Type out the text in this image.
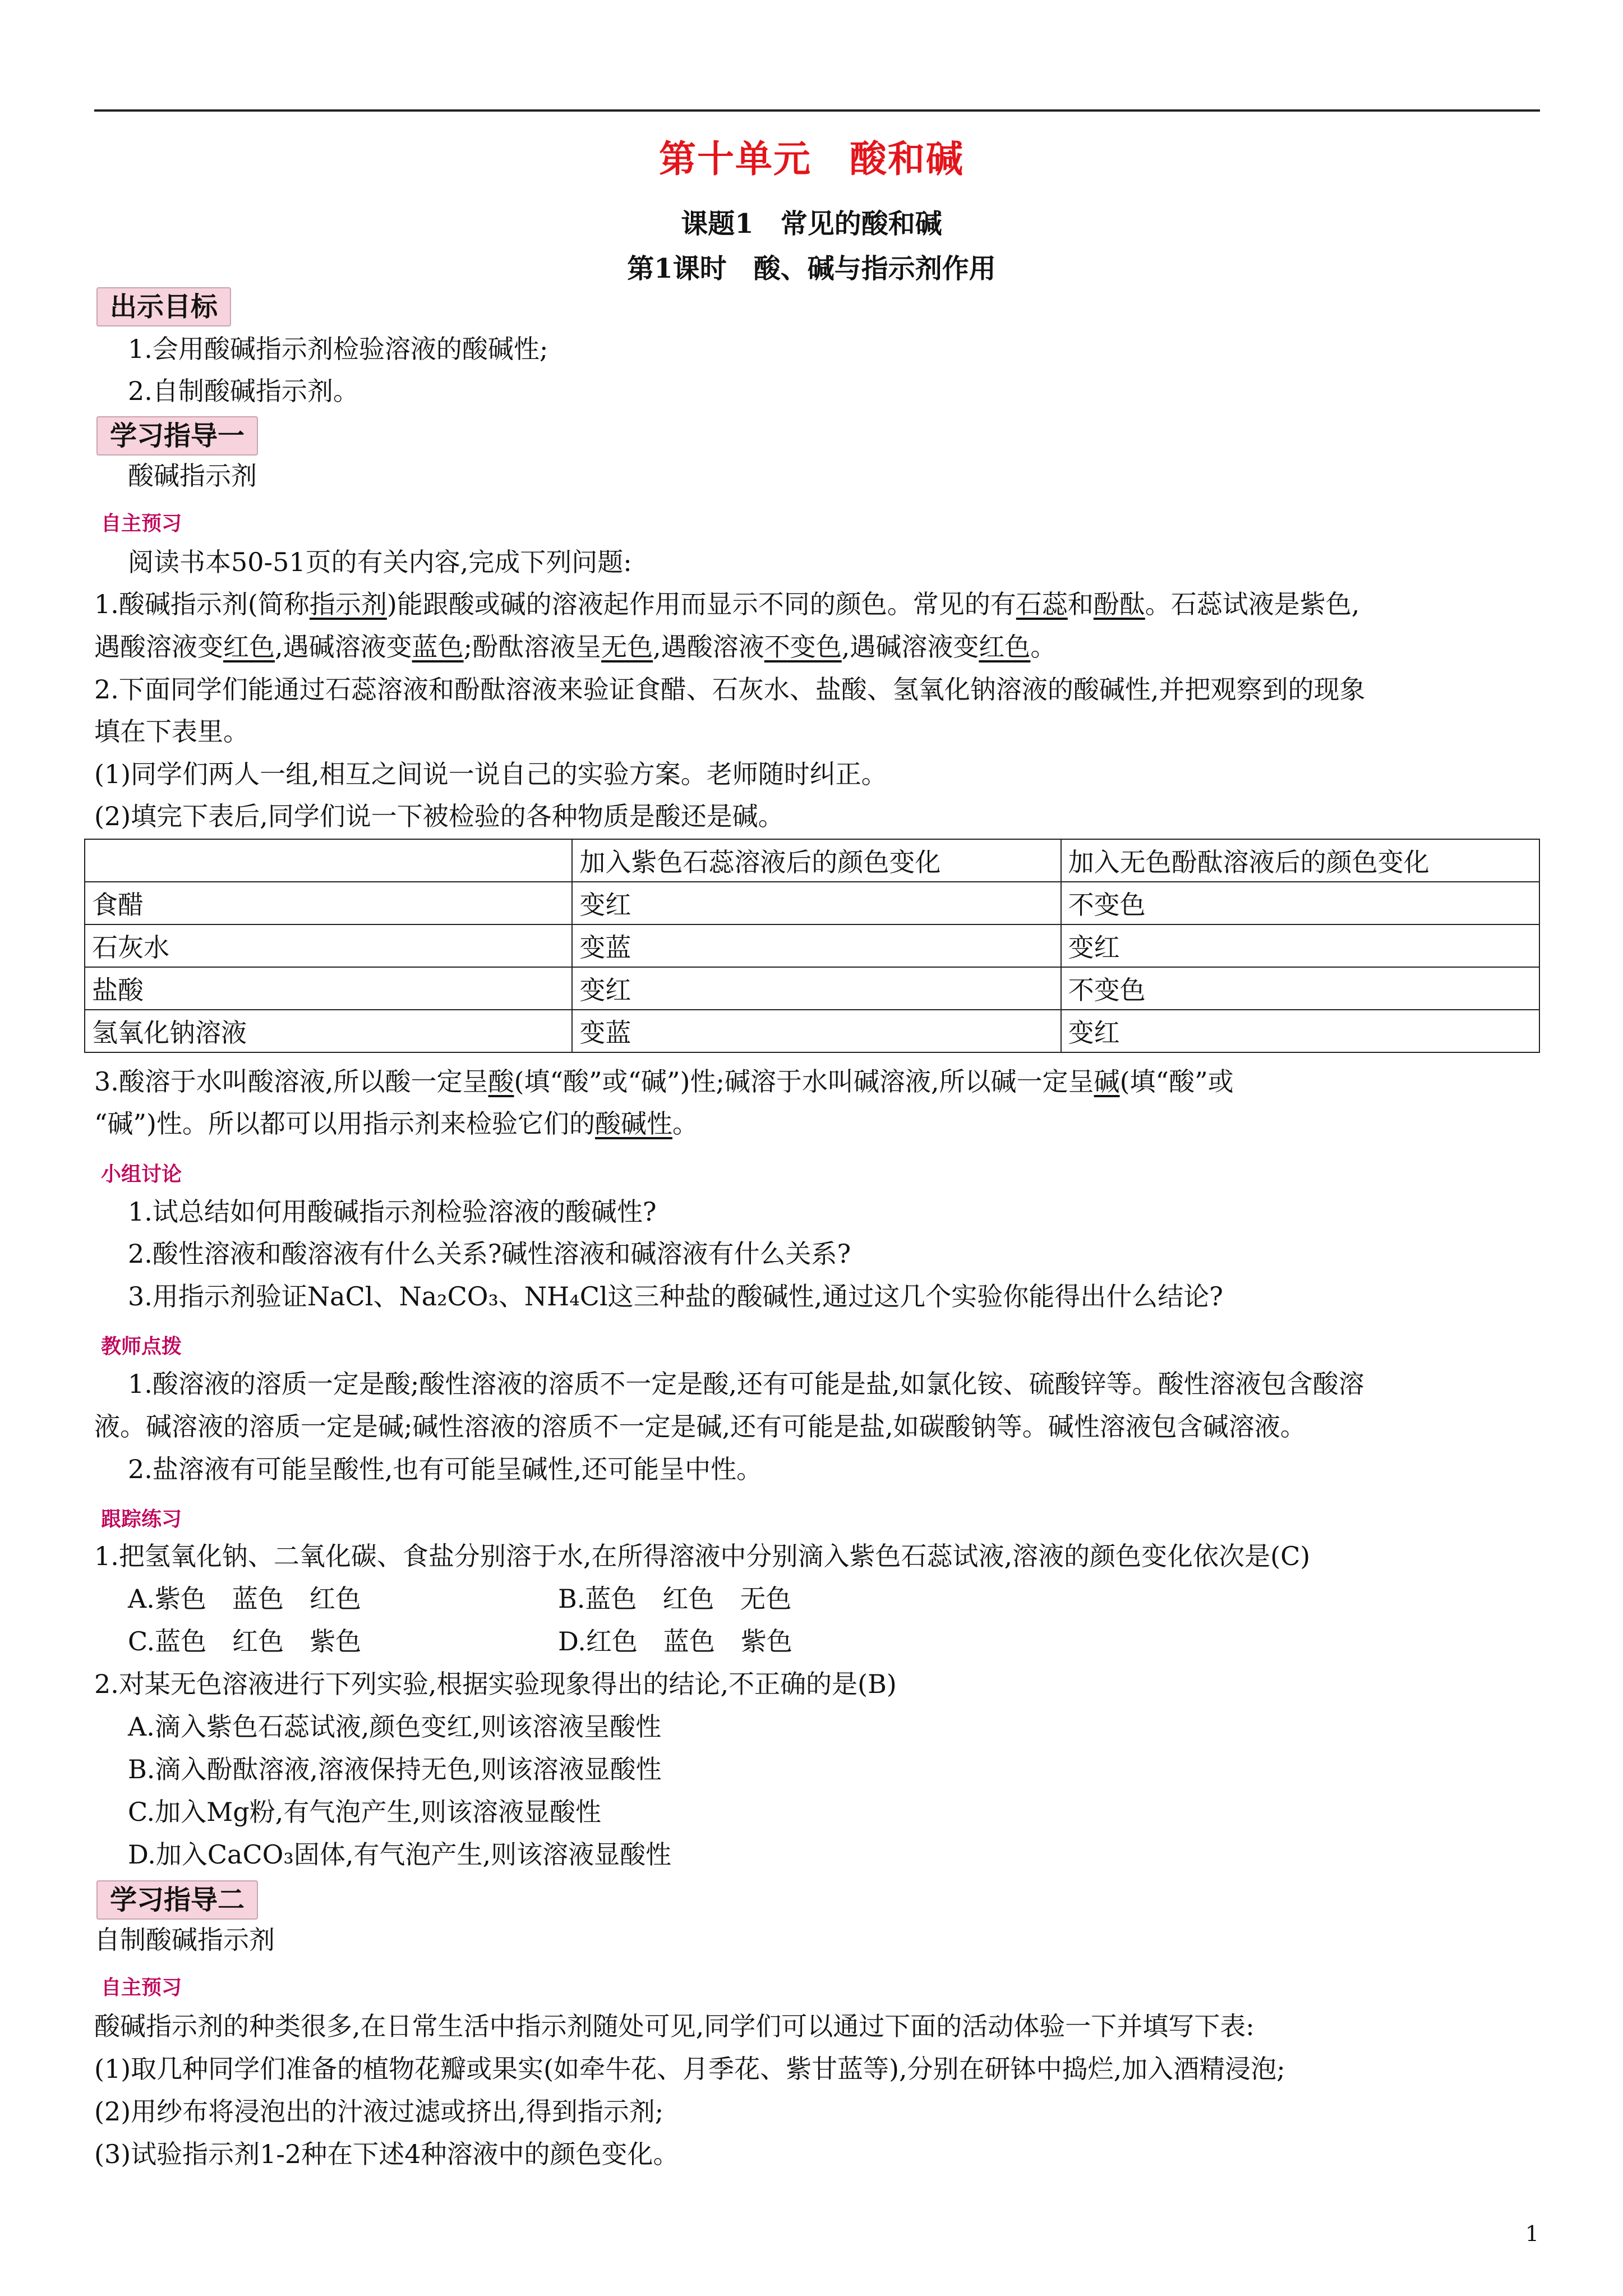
第十单元　酸和碱
课题1　常见的酸和碱
第1课时　酸、碱与指示剂作用
出示目标
1.会用酸碱指示剂检验溶液的酸碱性;
2.自制酸碱指示剂。
学习指导一
酸碱指示剂
自主预习
阅读书本50-51页的有关内容,完成下列问题:
1.酸碱指示剂(简称指示剂)能跟酸或碱的溶液起作用而显示不同的颜色。常见的有石蕊和酚酞。石蕊试液是紫色,
遇酸溶液变红色,遇碱溶液变蓝色;酚酞溶液呈无色,遇酸溶液不变色,遇碱溶液变红色。
2.下面同学们能通过石蕊溶液和酚酞溶液来验证食醋、石灰水、盐酸、氢氧化钠溶液的酸碱性,并把观察到的现象
填在下表里。
(1)同学们两人一组,相互之间说一说自己的实验方案。老师随时纠正。
(2)填完下表后,同学们说一下被检验的各种物质是酸还是碱。
	加入紫色石蕊溶液后的颜色变化	加入无色酚酞溶液后的颜色变化
食醋	变红	不变色
石灰水	变蓝	变红
盐酸	变红	不变色
氢氧化钠溶液	变蓝	变红
3.酸溶于水叫酸溶液,所以酸一定呈酸(填“酸”或“碱”)性;碱溶于水叫碱溶液,所以碱一定呈碱(填“酸”或
“碱”)性。所以都可以用指示剂来检验它们的酸碱性。
小组讨论
1.试总结如何用酸碱指示剂检验溶液的酸碱性?
2.酸性溶液和酸溶液有什么关系?碱性溶液和碱溶液有什么关系?
3.用指示剂验证NaCl、Na₂CO₃、NH₄Cl这三种盐的酸碱性,通过这几个实验你能得出什么结论?
教师点拨
1.酸溶液的溶质一定是酸;酸性溶液的溶质不一定是酸,还有可能是盐,如氯化铵、硫酸锌等。酸性溶液包含酸溶
液。碱溶液的溶质一定是碱;碱性溶液的溶质不一定是碱,还有可能是盐,如碳酸钠等。碱性溶液包含碱溶液。
2.盐溶液有可能呈酸性,也有可能呈碱性,还可能呈中性。
跟踪练习
1.把氢氧化钠、二氧化碳、食盐分别溶于水,在所得溶液中分别滴入紫色石蕊试液,溶液的颜色变化依次是(C)
A.紫色　蓝色　红色	B.蓝色　红色　无色
C.蓝色　红色　紫色	D.红色　蓝色　紫色
2.对某无色溶液进行下列实验,根据实验现象得出的结论,不正确的是(B)
A.滴入紫色石蕊试液,颜色变红,则该溶液呈酸性
B.滴入酚酞溶液,溶液保持无色,则该溶液显酸性
C.加入Mg粉,有气泡产生,则该溶液显酸性
D.加入CaCO₃固体,有气泡产生,则该溶液显酸性
学习指导二
自制酸碱指示剂
自主预习
酸碱指示剂的种类很多,在日常生活中指示剂随处可见,同学们可以通过下面的活动体验一下并填写下表:
(1)取几种同学们准备的植物花瓣或果实(如牵牛花、月季花、紫甘蓝等),分别在研钵中捣烂,加入酒精浸泡;
(2)用纱布将浸泡出的汁液过滤或挤出,得到指示剂;
(3)试验指示剂1-2种在下述4种溶液中的颜色变化。
1
